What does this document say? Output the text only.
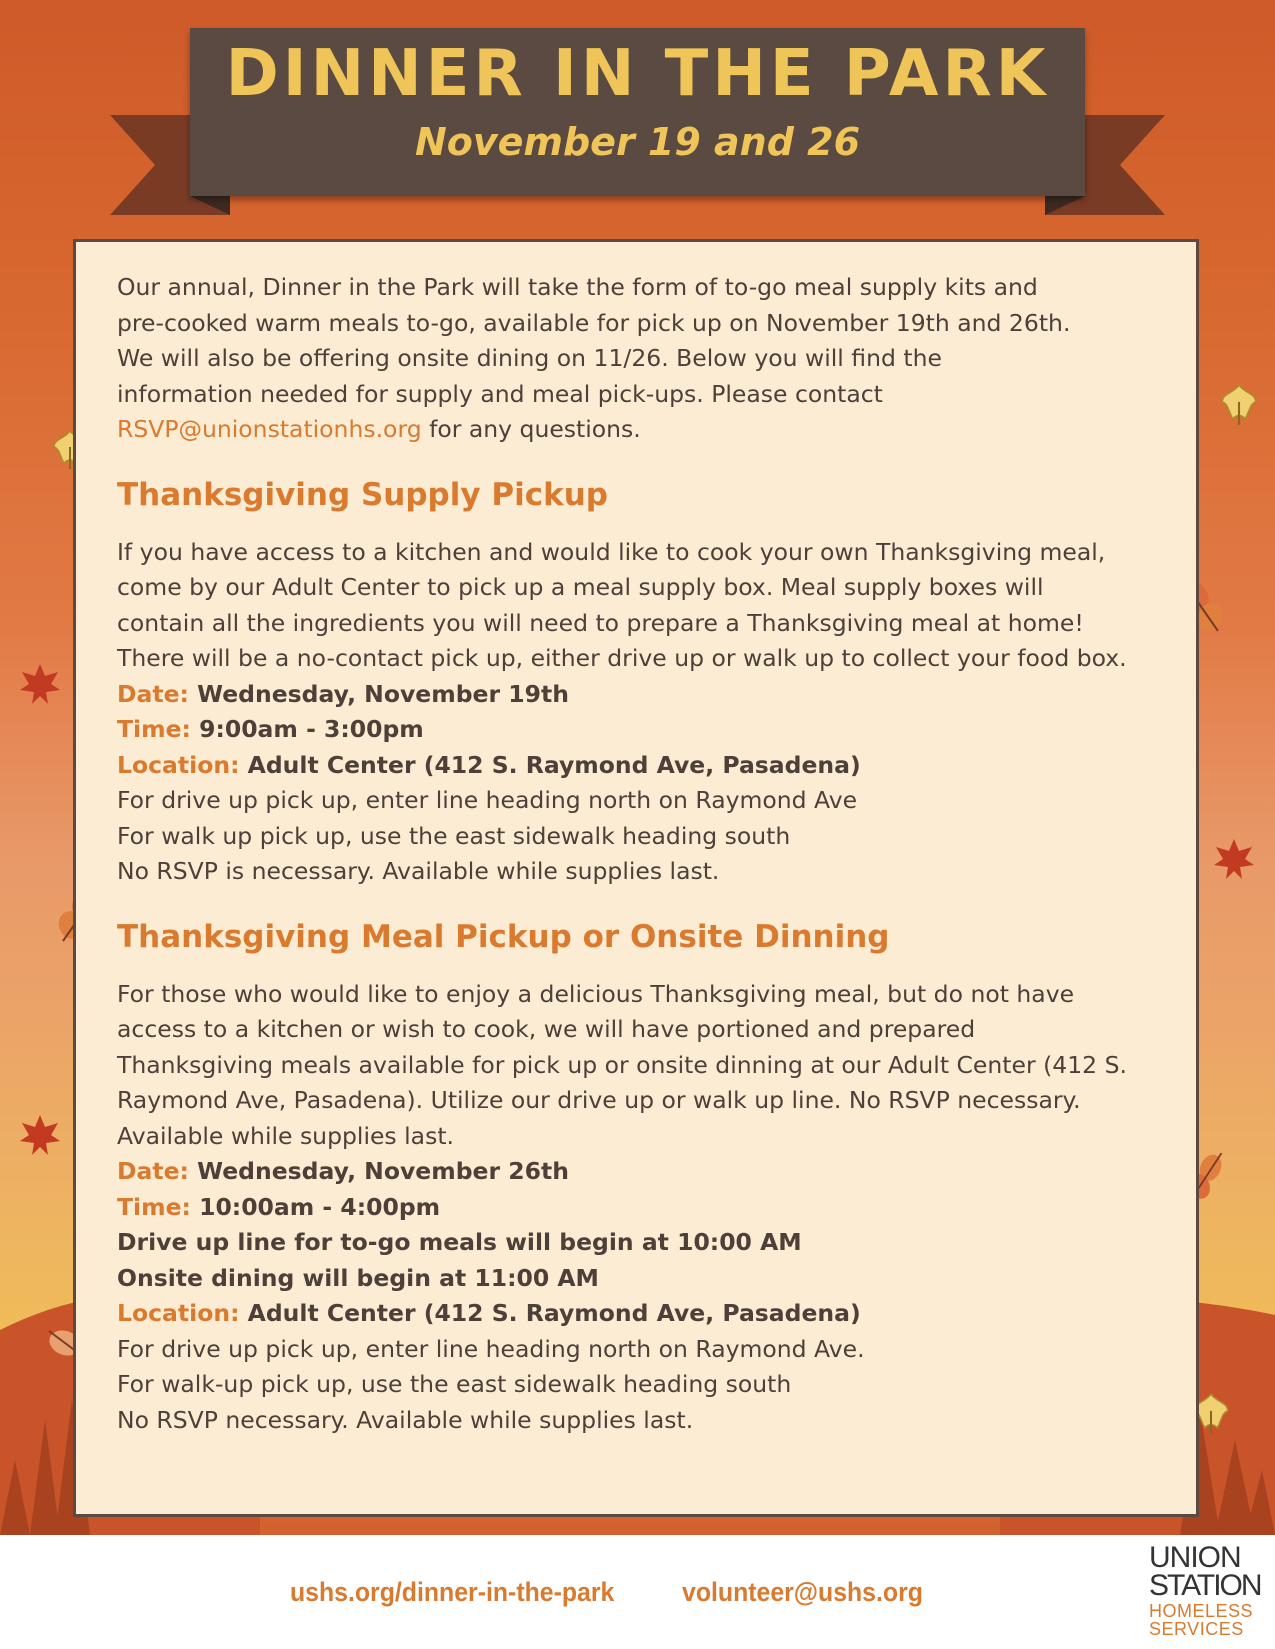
DINNER IN THE PARK
November 19 and 26

Our annual, Dinner in the Park will take the form of to-go meal supply kits and

pre-cooked warm meals to-go, available for pick up on November 19th and 26th.

We will also be offering onsite dining on 11/26. Below you will find the

information needed for supply and meal pick-ups. Please contact

RSVP@unionstationhs.org for any questions.

Thanksgiving Supply Pickup

If you have access to a kitchen and would like to cook your own Thanksgiving meal,

come by our Adult Center to pick up a meal supply box. Meal supply boxes will

contain all the ingredients you will need to prepare a Thanksgiving meal at home!

There will be a no-contact pick up, either drive up or walk up to collect your food box.

Date: Wednesday, November 19th

Time: 9:00am - 3:00pm

Location: Adult Center (412 S. Raymond Ave, Pasadena)

For drive up pick up, enter line heading north on Raymond Ave

For walk up pick up, use the east sidewalk heading south

No RSVP is necessary. Available while supplies last.

Thanksgiving Meal Pickup or Onsite Dinning

For those who would like to enjoy a delicious Thanksgiving meal, but do not have

access to a kitchen or wish to cook, we will have portioned and prepared

Thanksgiving meals available for pick up or onsite dinning at our Adult Center (412 S.

Raymond Ave, Pasadena). Utilize our drive up or walk up line. No RSVP necessary.

Available while supplies last.

Date: Wednesday, November 26th

Time: 10:00am - 4:00pm

Drive up line for to-go meals will begin at 10:00 AM

Onsite dining will begin at 11:00 AM

Location: Adult Center (412 S. Raymond Ave, Pasadena)

For drive up pick up, enter line heading north on Raymond Ave.

For walk-up pick up, use the east sidewalk heading south

No RSVP necessary. Available while supplies last.

ushs.org/dinner-in-the-park	volunteer@ushs.org
UNION
STATION
HOMELESS
SERVICES
